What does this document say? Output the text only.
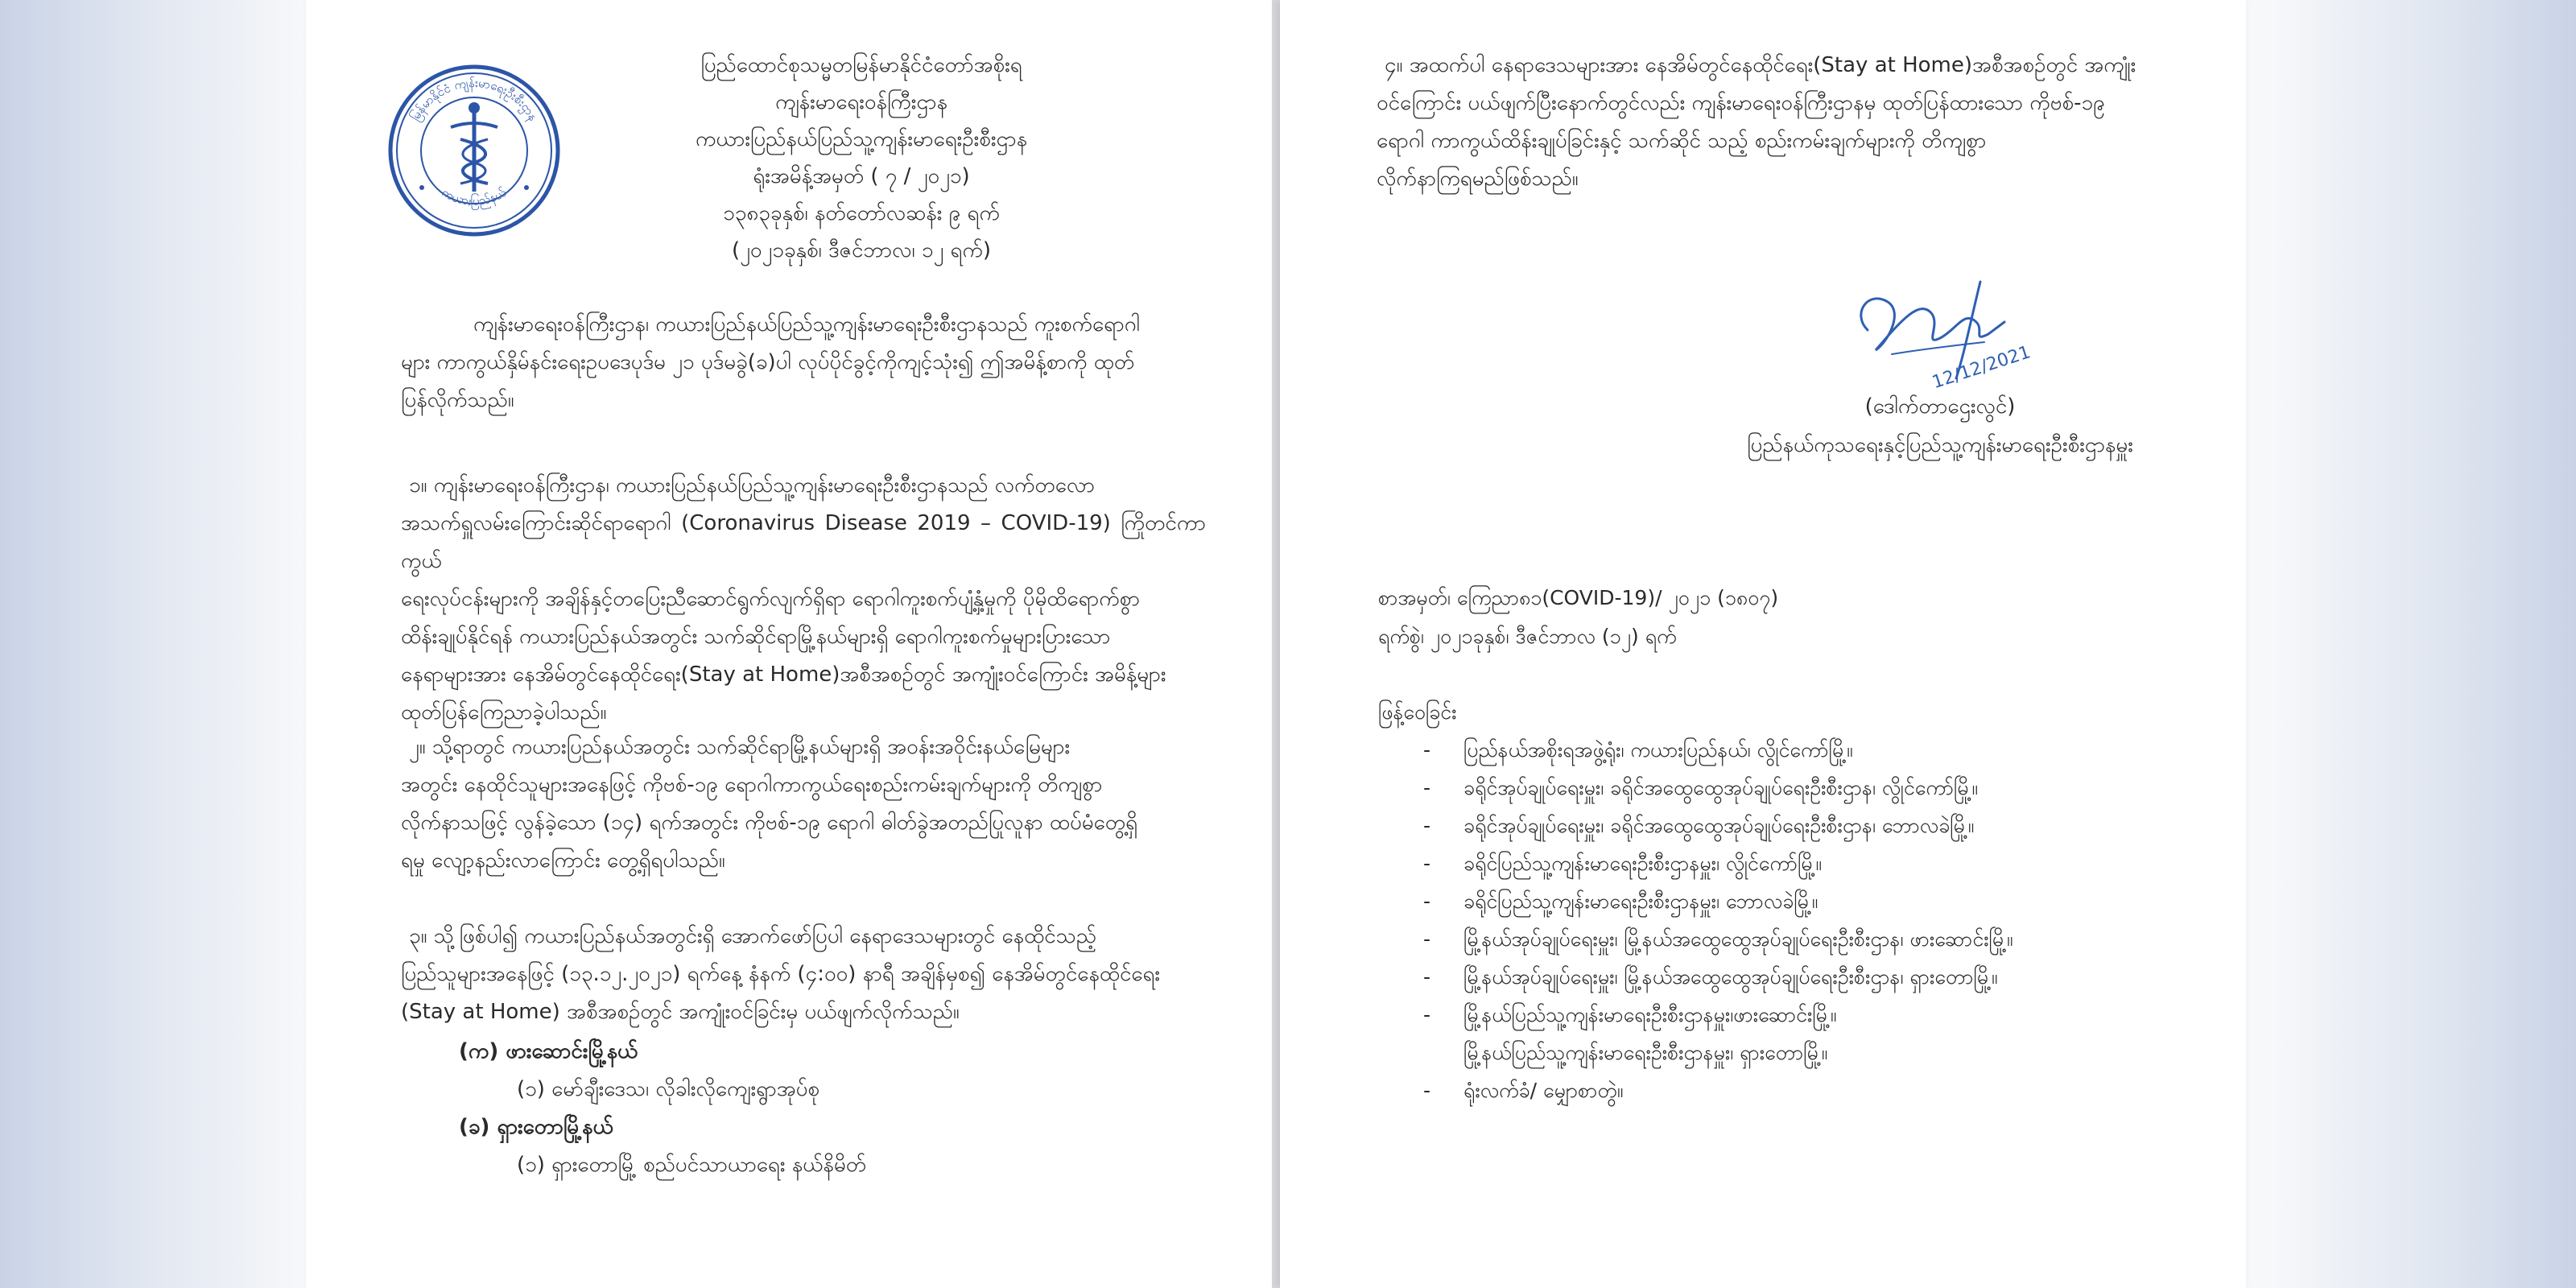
မြန်မာနိုင်ငံ ကျန်းမာရေးဦးစီးဌာန
ကယားပြည်နယ်
ပြည်ထောင်စုသမ္မတမြန်မာနိုင်ငံတော်အစိုးရ
ကျန်းမာရေးဝန်ကြီးဌာန
ကယားပြည်နယ်ပြည်သူ့ကျန်းမာရေးဦးစီးဌာန
ရုံးအမိန့်အမှတ် ( ၇ / ၂၀၂၁)
၁၃၈၃ခုနှစ်၊ နတ်တော်လဆန်း ၉ ရက်
(၂၀၂၁ခုနှစ်၊ ဒီဇင်ဘာလ၊ ၁၂ ရက်)
ကျန်းမာရေးဝန်ကြီးဌာန၊ ကယားပြည်နယ်ပြည်သူ့ကျန်းမာရေးဦးစီးဌာနသည် ကူးစက်ရောဂါ
များ ကာကွယ်နှိမ်နင်းရေးဥပဒေပုဒ်မ ၂၁ ပုဒ်မခွဲ(ခ)ပါ လုပ်ပိုင်ခွင့်ကိုကျင့်သုံး၍ ဤအမိန့်စာကို ထုတ်
ပြန်လိုက်သည်။
၁။ ကျန်းမာရေးဝန်ကြီးဌာန၊ ကယားပြည်နယ်ပြည်သူ့ကျန်းမာရေးဦးစီးဌာနသည် လက်တလော
အသက်ရှူလမ်းကြောင်းဆိုင်ရာရောဂါ (Coronavirus Disease 2019 – COVID-19) ကြိုတင်ကာကွယ်
ရေးလုပ်ငန်းများကို အချိန်နှင့်တပြေးညီဆောင်ရွက်လျက်ရှိရာ ရောဂါကူးစက်ပျံ့နှံ့မှုကို ပိုမိုထိရောက်စွာ
ထိန်းချုပ်နိုင်ရန် ကယားပြည်နယ်အတွင်း သက်ဆိုင်ရာမြို့နယ်များရှိ ရောဂါကူးစက်မှုများပြားသော
နေရာများအား နေအိမ်တွင်နေထိုင်ရေး(Stay at Home)အစီအစဉ်တွင် အကျုံးဝင်ကြောင်း အမိန့်များ
ထုတ်ပြန်ကြေညာခဲ့ပါသည်။
၂။ သို့ရာတွင် ကယားပြည်နယ်အတွင်း သက်ဆိုင်ရာမြို့နယ်များရှိ အဝန်းအဝိုင်းနယ်မြေများ
အတွင်း နေထိုင်သူများအနေဖြင့် ကိုဗစ်-၁၉ ရောဂါကာကွယ်ရေးစည်းကမ်းချက်များကို တိကျစွာ
လိုက်နာသဖြင့် လွန်ခဲ့သော (၁၄) ရက်အတွင်း ကိုဗစ်-၁၉ ရောဂါ ဓါတ်ခွဲအတည်ပြုလူနာ ထပ်မံတွေ့ရှိ
ရမှု လျော့နည်းလာကြောင်း တွေ့ရှိရပါသည်။
၃။ သို့ဖြစ်ပါ၍ ကယားပြည်နယ်အတွင်းရှိ အောက်ဖော်ပြပါ နေရာဒေသများတွင် နေထိုင်သည့်
ပြည်သူများအနေဖြင့် (၁၃.၁၂.၂၀၂၁) ရက်နေ့ နံနက် (၄:၀၀) နာရီ အချိန်မှစ၍ နေအိမ်တွင်နေထိုင်ရေး
(Stay at Home) အစီအစဉ်တွင် အကျုံးဝင်ခြင်းမှ ပယ်ဖျက်လိုက်သည်။
(က) ဖားဆောင်းမြို့နယ်
(၁) မော်ချီးဒေသ၊ လိုခါးလိုကျေးရွာအုပ်စု
(ခ) ရှားတောမြို့နယ်
(၁) ရှားတောမြို့ စည်ပင်သာယာရေး နယ်နိမိတ်
၄။ အထက်ပါ နေရာဒေသများအား နေအိမ်တွင်နေထိုင်ရေး(Stay at Home)အစီအစဉ်တွင် အကျုံး
ဝင်ကြောင်း ပယ်ဖျက်ပြီးနောက်တွင်လည်း ကျန်းမာရေးဝန်ကြီးဌာနမှ ထုတ်ပြန်ထားသော ကိုဗစ်-၁၉
ရောဂါ ကာကွယ်ထိန်းချုပ်ခြင်းနှင့် သက်ဆိုင် သည့် စည်းကမ်းချက်များကို တိကျစွာ
လိုက်နာကြရမည်ဖြစ်သည်။
12/12/2021
(ဒေါက်တာဌေးလွင်)
ပြည်နယ်ကုသရေးနှင့်ပြည်သူ့ကျန်းမာရေးဦးစီးဌာနမှူး
စာအမှတ်၊ ကြေညာ၈၁(COVID-19)/ ၂၀၂၁ (၁၈၀၇)
ရက်စွဲ၊ ၂၀၂၁ခုနှစ်၊ ဒီဇင်ဘာလ (၁၂) ရက်
ဖြန့်ဝေခြင်း
- ပြည်နယ်အစိုးရအဖွဲ့ရုံး၊ ကယားပြည်နယ်၊ လွိုင်ကော်မြို့။
- ခရိုင်အုပ်ချုပ်ရေးမှူး၊ ခရိုင်အထွေထွေအုပ်ချုပ်ရေးဦးစီးဌာန၊ လွိုင်ကော်မြို့။
- ခရိုင်အုပ်ချုပ်ရေးမှူး၊ ခရိုင်အထွေထွေအုပ်ချုပ်ရေးဦးစီးဌာန၊ ဘောလခဲမြို့။
- ခရိုင်ပြည်သူ့ကျန်းမာရေးဦးစီးဌာနမှူး၊ လွိုင်ကော်မြို့။
- ခရိုင်ပြည်သူ့ကျန်းမာရေးဦးစီးဌာနမှူး၊ ဘောလခဲမြို့။
- မြို့နယ်အုပ်ချုပ်ရေးမှူး၊ မြို့နယ်အထွေထွေအုပ်ချုပ်ရေးဦးစီးဌာန၊ ဖားဆောင်းမြို့။
- မြို့နယ်အုပ်ချုပ်ရေးမှူး၊ မြို့နယ်အထွေထွေအုပ်ချုပ်ရေးဦးစီးဌာန၊ ရှားတောမြို့။
- မြို့နယ်ပြည်သူ့ကျန်းမာရေးဦးစီးဌာနမှူး၊ဖားဆောင်းမြို့။
မြို့နယ်ပြည်သူ့ကျန်းမာရေးဦးစီးဌာနမှူး၊ ရှားတောမြို့။
- ရုံးလက်ခံ/ မျှောစာတွဲ။
